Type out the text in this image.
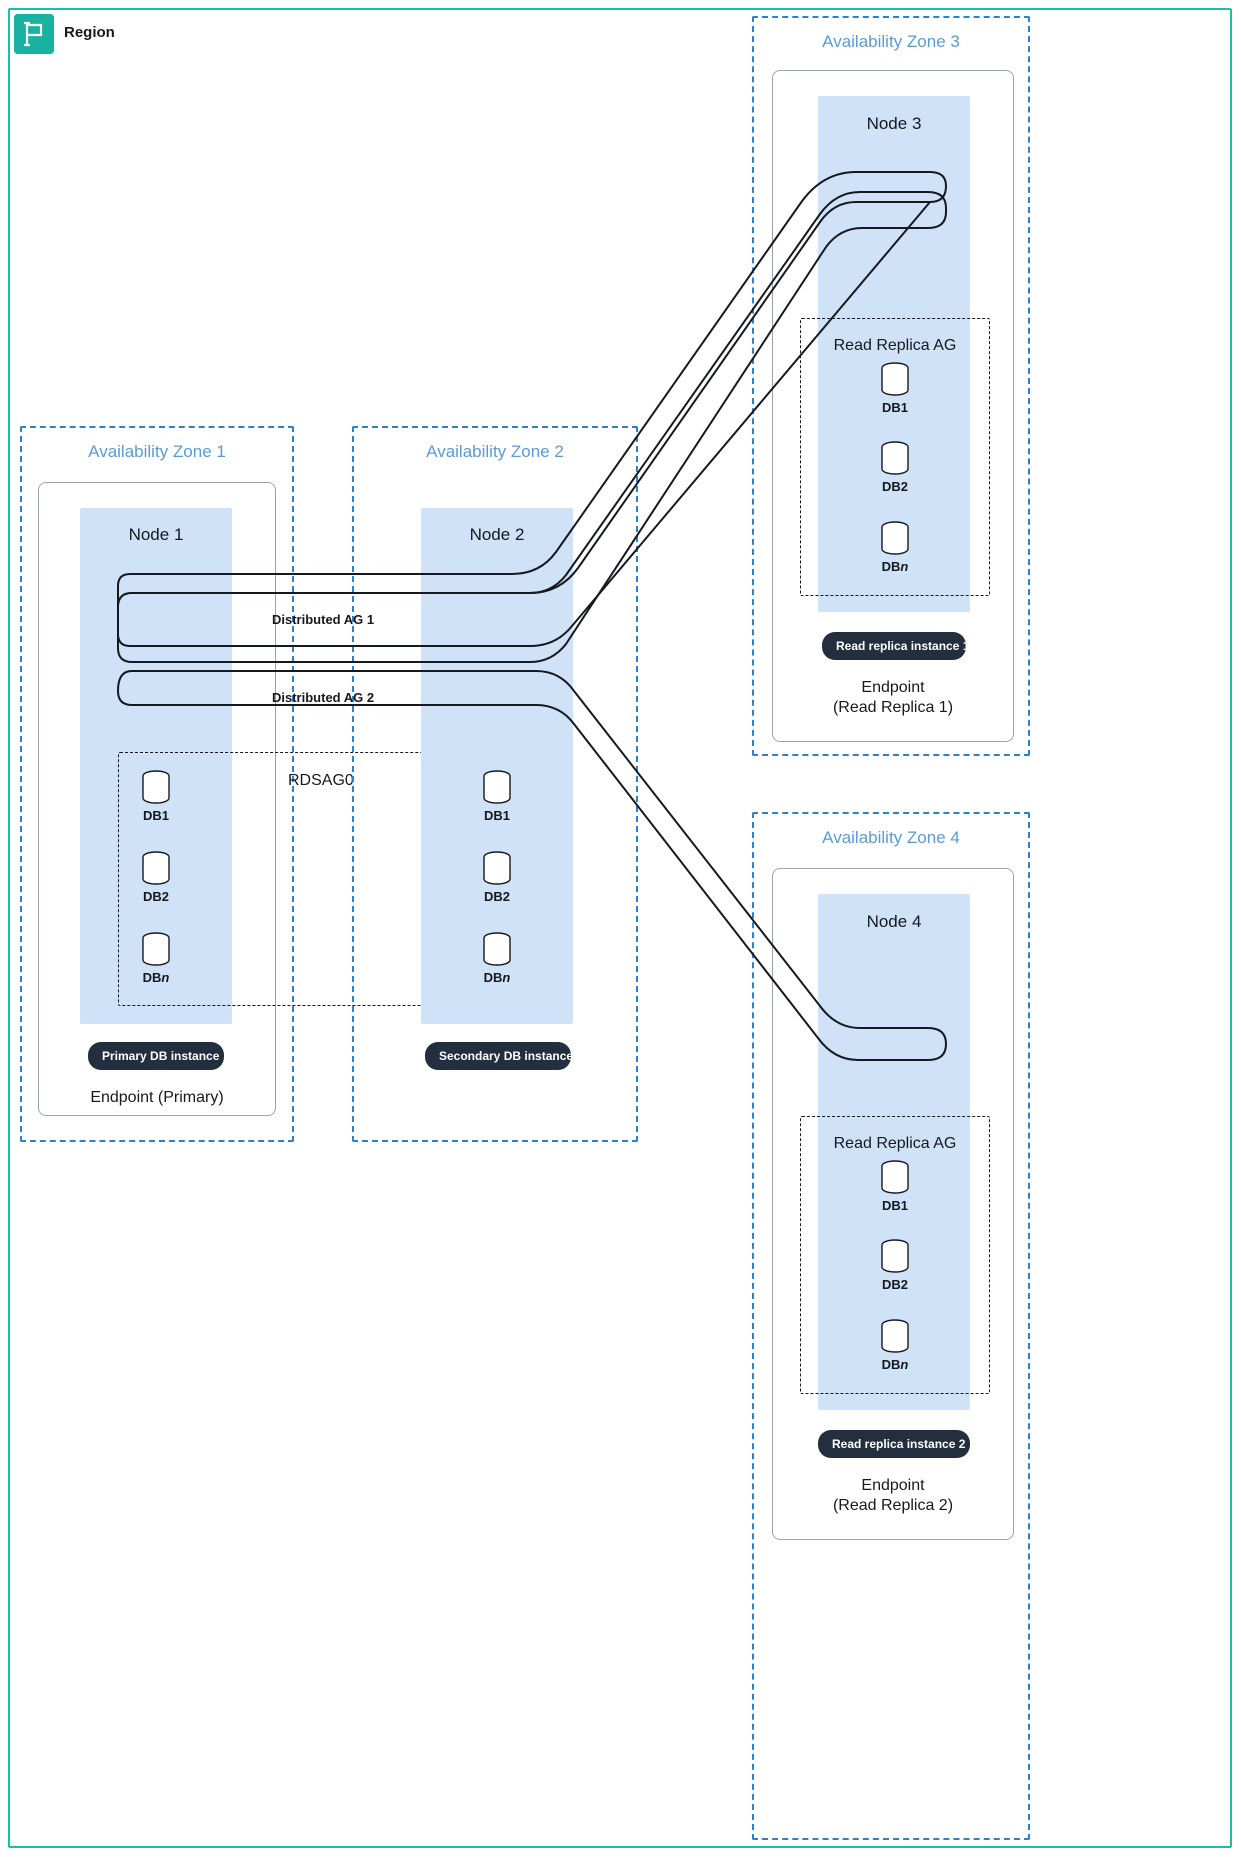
Region	Availability Zone 3
Node 3
Read Replica AG
DB1
DB2
DBn
Read replica instance 1
Endpoint
(Read Replica 1)
Availability Zone 4
Node 4
Read Replica AG
DB1
DB2
DBn
Read replica instance 2
Endpoint
(Read Replica 2)
Availability Zone 1
Node 1
RDSAG0
DB1
DB2
DBn
Primary DB instance
Endpoint (Primary)
Availability Zone 2
Node 2
DB1
DB2
DBn
Secondary DB instance
Distributed AG 1
Distributed AG 2
